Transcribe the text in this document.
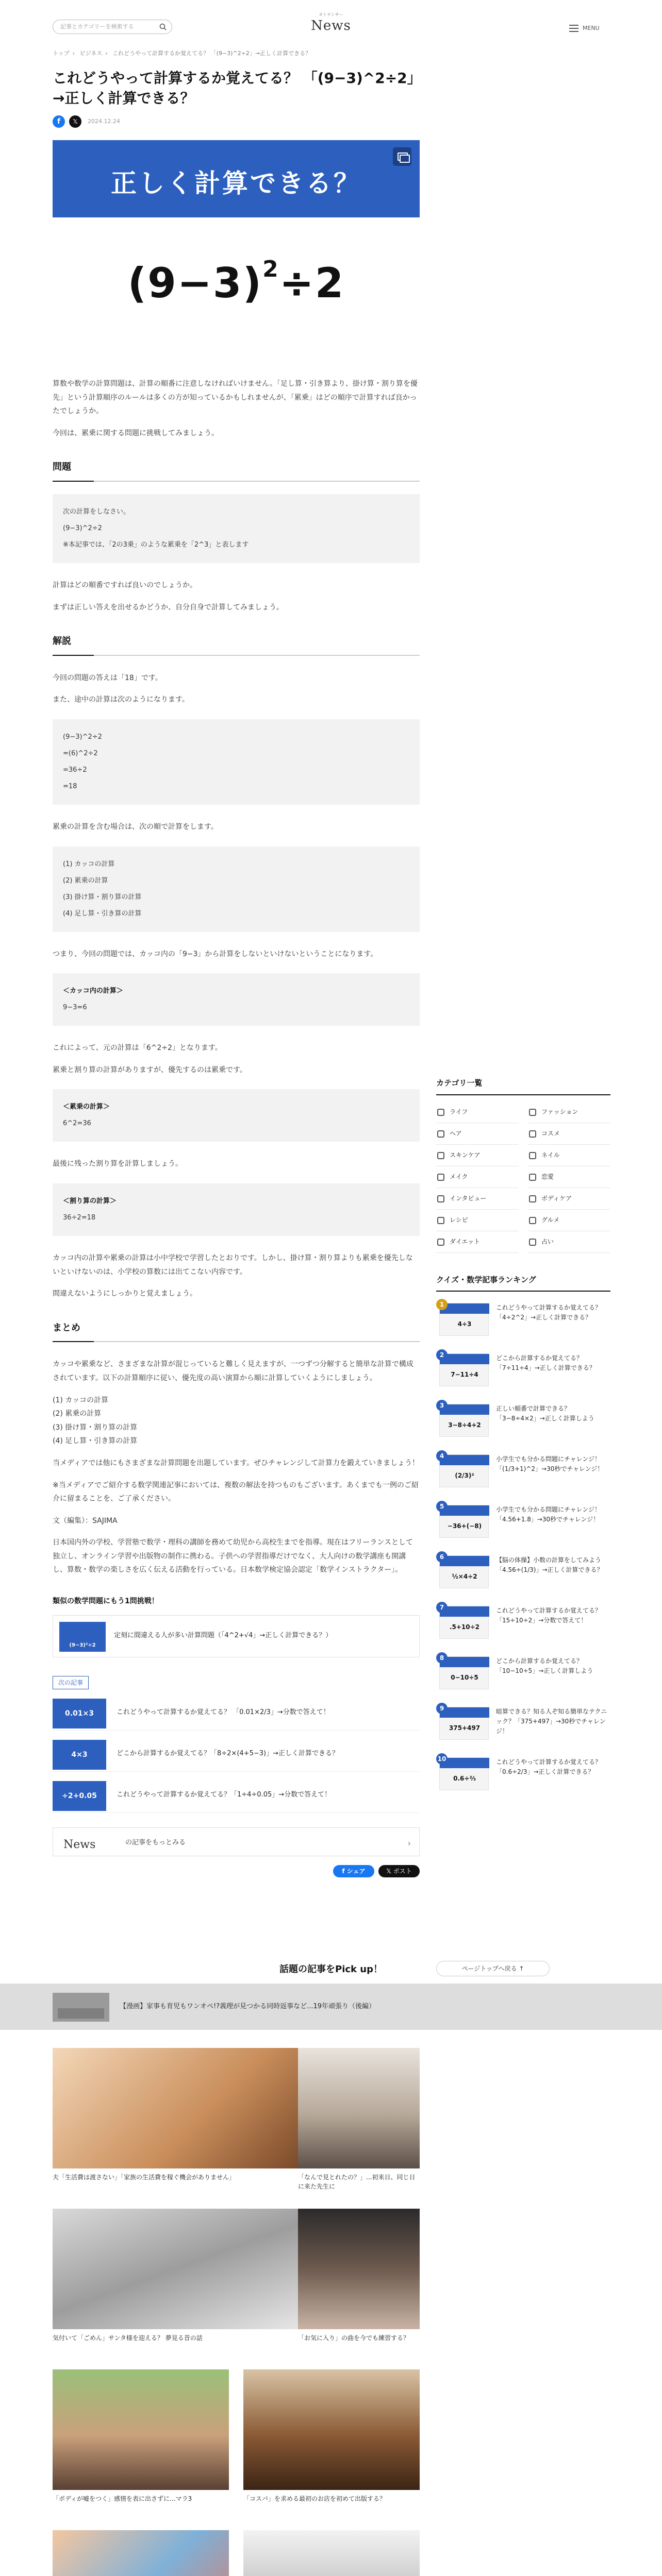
記事とカテゴリーを検索する
オトナンサー
News	MENU
トップ › ビジネス › これどうやって計算するか覚えてる？ 「(9−3)^2÷2」→正しく計算できる？
これどうやって計算するか覚えてる？ 「(9−3)^2÷2」→正しく計算できる？
f	𝕏	2024.12.24
正しく計算できる？
$(9-3)^2\div 2$

算数や数学の計算問題は、計算の順番に注意しなければいけません。「足し算・引き算より、掛け算・割り算を優先」という計算順序のルールは多くの方が知っているかもしれませんが、「累乗」はどの順序で計算すれば良かったでしょうか。

今回は、累乗に関する問題に挑戦してみましょう。

問題

次の計算をしなさい。

(9−3)^2÷2

※本記事では、「2の3乗」のような累乗を「2^3」と表します

計算はどの順番ですれば良いのでしょうか。

まずは正しい答えを出せるかどうか、自分自身で計算してみましょう。

解説

今回の問題の答えは「18」です。

また、途中の計算は次のようになります。

(9−3)^2÷2

=(6)^2÷2

=36÷2

=18

累乗の計算を含む場合は、次の順で計算をします。

(1) カッコの計算

(2) 累乗の計算

(3) 掛け算・割り算の計算

(4) 足し算・引き算の計算

つまり、今回の問題では、カッコ内の「9−3」から計算をしないといけないということになります。

＜カッコ内の計算＞

9−3=6

これによって、元の計算は「6^2÷2」となります。

累乗と割り算の計算がありますが、優先するのは累乗です。

＜累乗の計算＞

6^2=36

最後に残った割り算を計算しましょう。

＜割り算の計算＞

36÷2=18

カッコ内の計算や累乗の計算は小中学校で学習したとおりです。しかし、掛け算・割り算よりも累乗を優先しないといけないのは、小学校の算数には出てこない内容です。

間違えないようにしっかりと覚えましょう。

まとめ

カッコや累乗など、さまざまな計算が混じっていると難しく見えますが、一つずつ分解すると簡単な計算で構成されています。以下の計算順序に従い、優先度の高い演算から順に計算していくようにしましょう。

(1) カッコの計算

(2) 累乗の計算

(3) 掛け算・割り算の計算

(4) 足し算・引き算の計算

当メディアでは他にもさまざまな計算問題を出題しています。ぜひチャレンジして計算力を鍛えていきましょう！

※当メディアでご紹介する数学関連記事においては、複数の解法を持つものもございます。あくまでも一例のご紹介に留まることを、ご了承ください。

文（編集）：SAJIMA

日本国内外の学校、学習塾で数学・理科の講師を務めて幼児から高校生までを指導。現在はフリーランスとして独立し、オンライン学習や出版物の制作に携わる。子供への学習指導だけでなく、大人向けの数学講座も開講し、算数・数学の楽しさを広く伝える活動を行っている。日本数学検定協会認定「数学インストラクター」。

類似の数学問題にもう1問挑戦！
(9−3)²÷2
定刻に間違える人が多い計算問題（「4^2+√4」→正しく計算できる？）
次の記事
0.01×3	これどうやって計算するか覚えてる？ 「0.01×2/3」→分数で答えて！
4×3	どこから計算するか覚えてる？「8÷2×(4+5−3)」→正しく計算できる？
÷2+0.05	これどうやって計算するか覚えてる？「1÷4÷0.05」→分数で答えて！
News	の記事をもっとみる	›
f シェア	𝕏 ポスト
カテゴリ一覧
ライフ	ファッション
ヘア	コスメ
スキンケア	ネイル
メイク	恋愛
インタビュー	ボディケア
レシピ	グルメ
ダイエット	占い
クイズ・数学記事ランキング
1
4÷3
これどうやって計算するか覚えてる？「4÷2^2」→正しく計算できる？
2
7−11÷4
どこから計算するか覚えてる？「7÷11÷4」→正しく計算できる？
3
3−8÷4+2
正しい順番で計算できる？「3−8÷4×2」→正しく計算しよう
4
(2/3)²
小学生でも分かる問題にチャレンジ！「(1/3+1)^2」→30秒でチャレンジ！
5
−36+(−8)
小学生でも分かる問題にチャレンジ！「4.56+1.8」→30秒でチャレンジ！
6
½×4÷2
【脳の体操】小数の計算をしてみよう「4.56÷(1/3)」→正しく計算できる？
7
.5+10÷2
これどうやって計算するか覚えてる？「15÷10÷2」→分数で答えて！
8
0−10÷5
どこから計算するか覚えてる？「10−10÷5」→正しく計算しよう
9
375+497
暗算できる？知る人ぞ知る簡単なテクニック？「375+497」→30秒でチャレンジ！
10
0.6÷⅔
これどうやって計算するか覚えてる？「0.6÷2/3」→正しく計算できる？
話題の記事をPick up！	ページトップへ戻る ↑
【漫画】家事も育児もワンオペ!?義理が見つかる同時返事など...19年頑張り（後編）
夫「生活費は渡さない」「家族の生活費を稼ぐ機会がありません」	「なんで見とれたの？」...初来日、同じ日に来た先生に
気付いて「ごめん」サンタ様を迎える？ 夢見る昔の話	「お気に入り」の曲を今でも練習する？
「ボディが嘘をつく」感情を表に出さずに...マラ3	「コスパ」を求める最初のお店を初めて出版する？
